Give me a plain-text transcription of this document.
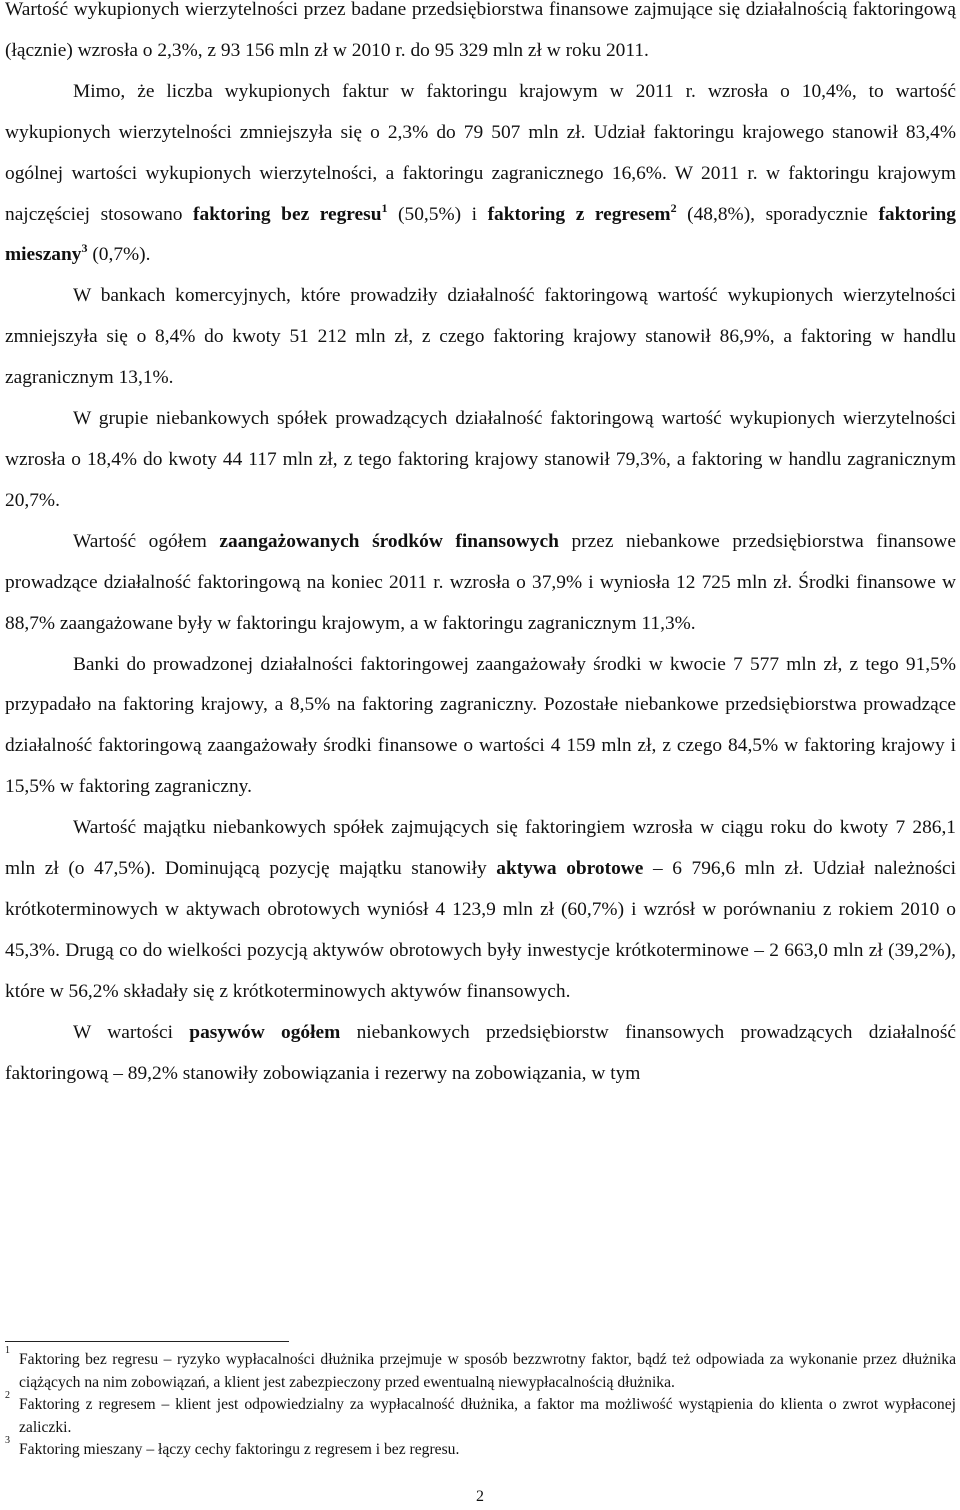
Wartość wykupionych wierzytelności przez badane przedsiębiorstwa finansowe zajmujące się działalnością faktoringową (łącznie) wzrosła o 2,3%, z 93 156 mln zł w 2010 r. do 95 329 mln zł w roku 2011.

Mimo, że liczba wykupionych faktur w faktoringu krajowym w 2011 r. wzrosła o 10,4%, to wartość wykupionych wierzytelności zmniejszyła się o 2,3% do 79 507 mln zł. Udział faktoringu krajowego stanowił 83,4% ogólnej wartości wykupionych wierzytelności, a faktoringu zagranicznego 16,6%. W 2011 r. w faktoringu krajowym najczęściej stosowano faktoring bez regresu$^1$ (50,5%) i faktoring z regresem$^2$ (48,8%), sporadycznie faktoring mieszany$^3$ (0,7%).

W bankach komercyjnych, które prowadziły działalność faktoringową wartość wykupionych wierzytelności zmniejszyła się o 8,4% do kwoty 51 212 mln zł, z czego faktoring krajowy stanowił 86,9%, a faktoring w handlu zagranicznym 13,1%.

W grupie niebankowych spółek prowadzących działalność faktoringową wartość wykupionych wierzytelności wzrosła o 18,4% do kwoty 44 117 mln zł, z tego faktoring krajowy stanowił 79,3%, a faktoring w handlu zagranicznym 20,7%.

Wartość ogółem zaangażowanych środków finansowych przez niebankowe przedsiębiorstwa finansowe prowadzące działalność faktoringową na koniec 2011 r. wzrosła o 37,9% i wyniosła 12 725 mln zł. Środki finansowe w 88,7% zaangażowane były w faktoringu krajowym, a w faktoringu zagranicznym 11,3%.

Banki do prowadzonej działalności faktoringowej zaangażowały środki w kwocie 7 577 mln zł, z tego 91,5% przypadało na faktoring krajowy, a 8,5% na faktoring zagraniczny. Pozostałe niebankowe przedsiębiorstwa prowadzące działalność faktoringową zaangażowały środki finansowe o wartości 4 159 mln zł, z czego 84,5% w faktoring krajowy i 15,5% w faktoring zagraniczny.

Wartość majątku niebankowych spółek zajmujących się faktoringiem wzrosła w ciągu roku do kwoty 7 286,1 mln zł (o 47,5%). Dominującą pozycję majątku stanowiły aktywa obrotowe – 6 796,6 mln zł. Udział należności krótkoterminowych w aktywach obrotowych wyniósł 4 123,9 mln zł (60,7%) i wzrósł w porównaniu z rokiem 2010 o 45,3%. Drugą co do wielkości pozycją aktywów obrotowych były inwestycje krótkoterminowe – 2 663,0 mln zł (39,2%), które w 56,2% składały się z krótkoterminowych aktywów finansowych.

W wartości pasywów ogółem niebankowych przedsiębiorstw finansowych prowadzących działalność faktoringową – 89,2% stanowiły zobowiązania i rezerwy na zobowiązania, w tym

1
Faktoring bez regresu – ryzyko wypłacalności dłużnika przejmuje w sposób bezzwrotny faktor, bądź też odpowiada za wykonanie przez dłużnika ciążących na nim zobowiązań, a klient jest zabezpieczony przed ewentualną niewypłacalnością dłużnika.
2
Faktoring z regresem – klient jest odpowiedzialny za wypłacalność dłużnika, a faktor ma możliwość wystąpienia do klienta o zwrot wypłaconej zaliczki.
3
Faktoring mieszany – łączy cechy faktoringu z regresem i bez regresu.
2
